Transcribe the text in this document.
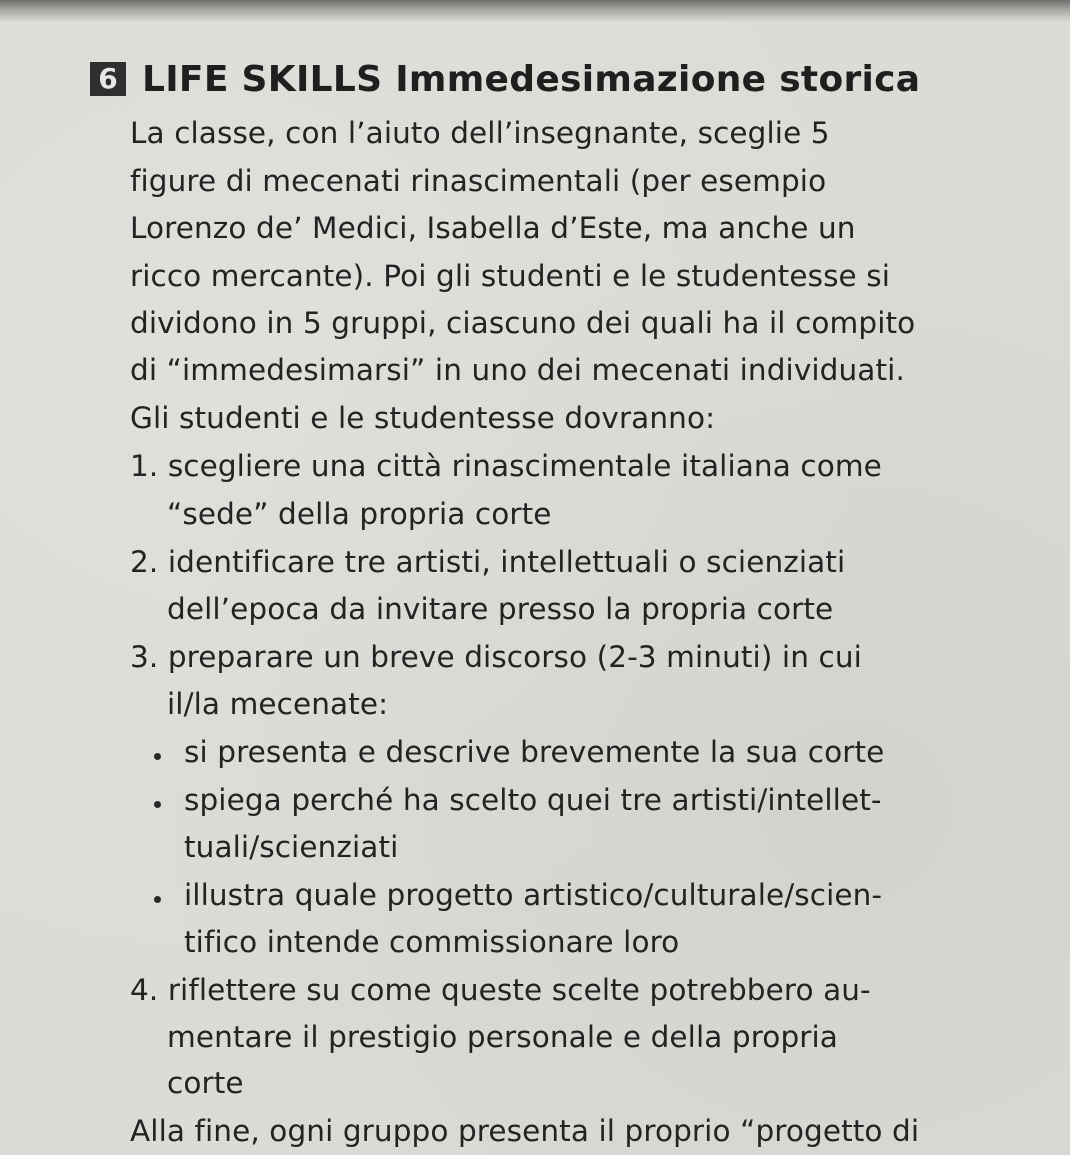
6 LIFE SKILLS Immedesimazione storica
La classe, con l’aiuto dell’insegnante, sceglie 5
figure di mecenati rinascimentali (per esempio
Lorenzo de’ Medici, Isabella d’Este, ma anche un
ricco mercante). Poi gli studenti e le studentesse si
dividono in 5 gruppi, ciascuno dei quali ha il compito
di “immedesimarsi” in uno dei mecenati individuati.
Gli studenti e le studentesse dovranno:
1. scegliere una città rinascimentale italiana come
“sede” della propria corte
2. identificare tre artisti, intellettuali o scienziati
dell’epoca da invitare presso la propria corte
3. preparare un breve discorso (2-3 minuti) in cui
il/la mecenate:
si presenta e descrive brevemente la sua corte
spiega perché ha scelto quei tre artisti/intellet-
tuali/scienziati
illustra quale progetto artistico/culturale/scien-
tifico intende commissionare loro
4. riflettere su come queste scelte potrebbero au-
mentare il prestigio personale e della propria
corte
Alla fine, ogni gruppo presenta il proprio “progetto di
